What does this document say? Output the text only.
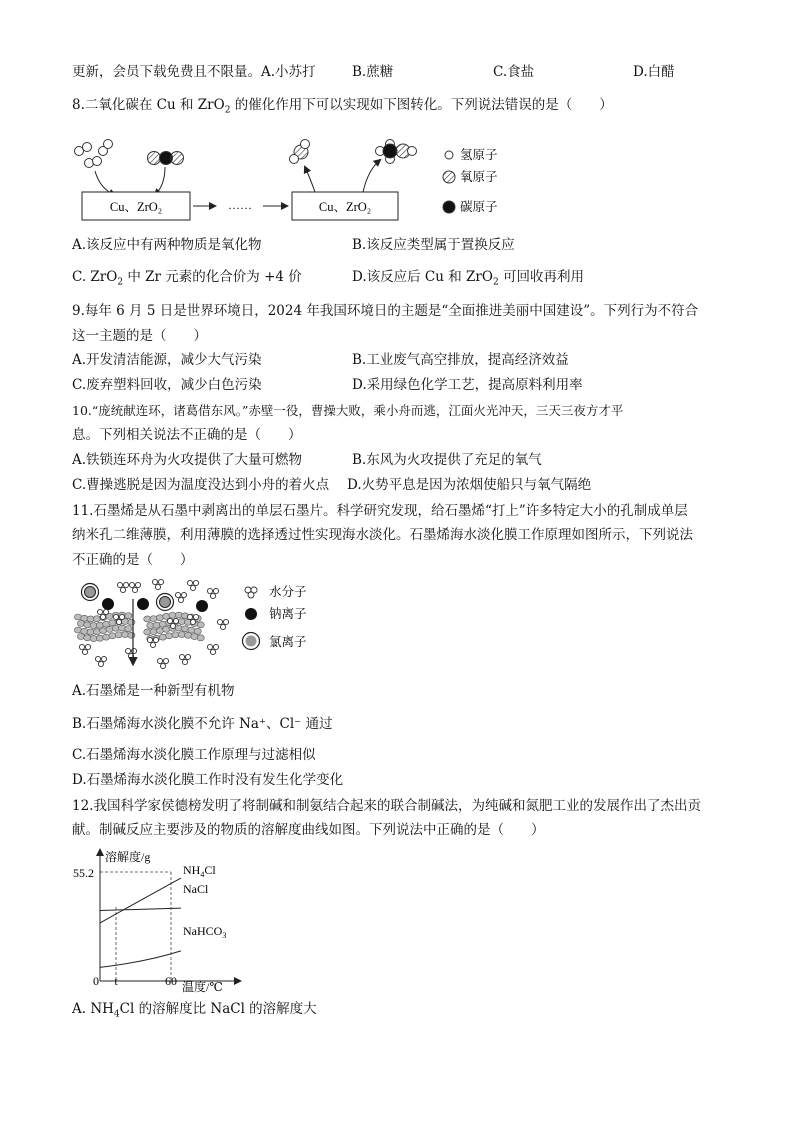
更新，会员下载免费且不限量。A.小苏打	B.蔗糖	C.食盐	D.白醋
8.二氧化碳在 Cu 和 ZrO$_2$ 的催化作用下可以实现如下图转化。下列说法错误的是（　　）
Cu、ZrO₂	……	Cu、ZrO₂
氢原子
氧原子
碳原子
A.该反应中有两种物质是氧化物	B.该反应类型属于置换反应
C. ZrO$_2$ 中 Zr 元素的化合价为 +4 价	D.该反应后 Cu 和 ZrO$_2$ 可回收再利用
9.每年 6 月 5 日是世界环境日，2024 年我国环境日的主题是“全面推进美丽中国建设”。下列行为不符合
这一主题的是（　　）
A.开发清洁能源，减少大气污染	B.工业废气高空排放，提高经济效益
C.废弃塑料回收，减少白色污染	D.采用绿色化学工艺，提高原料利用率
10.“庞统献连环，诸葛借东风。”赤壁一役，曹操大败，乘小舟而逃，江面火光冲天，三天三夜方才平
息。下列相关说法不正确的是（　　）
A.铁锁连环舟为火攻提供了大量可燃物	B.东风为火攻提供了充足的氧气
C.曹操逃脱是因为温度没达到小舟的着火点 D.火势平息是因为浓烟使船只与氧气隔绝
11.石墨烯是从石墨中剥离出的单层石墨片。科学研究发现，给石墨烯“打上”许多特定大小的孔制成单层
纳米孔二维薄膜，利用薄膜的选择透过性实现海水淡化。石墨烯海水淡化膜工作原理如图所示，下列说法
不正确的是（　　）
水分子
钠离子
氯离子
A.石墨烯是一种新型有机物
B.石墨烯海水淡化膜不允许 Na⁺、Cl⁻ 通过
C.石墨烯海水淡化膜工作原理与过滤相似
D.石墨烯海水淡化膜工作时没有发生化学变化
12.我国科学家侯德榜发明了将制碱和制氨结合起来的联合制碱法，为纯碱和氮肥工业的发展作出了杰出贡
献。制碱反应主要涉及的物质的溶解度曲线如图。下列说法中正确的是（　　）
溶解度/g
温度/℃
0 t	60
55.2	$NH_4Cl$
NaCl
NaHCO$_3$
A. $NH_4Cl$ 的溶解度比 NaCl 的溶解度大
